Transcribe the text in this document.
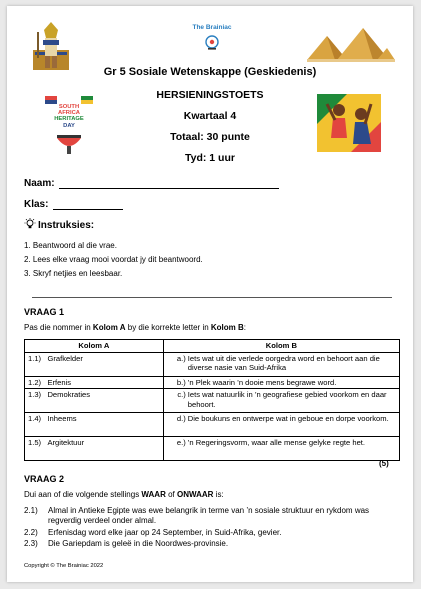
The Brainiac
Gr 5 Sosiale Wetenskappe (Geskiedenis)
HERSIENINGSTOETS
Kwartaal 4
Totaal: 30 punte
Tyd: 1 uur
SOUTH
AFRICA
HERITAGE
DAY
Naam:
Klas:
Instruksies:
1. Beantwoord al die vrae.
2. Lees elke vraag mooi voordat jy dit beantwoord.
3. Skryf netjies en leesbaar.
VRAAG 1
Pas die nommer in Kolom A by die korrekte letter in Kolom B:
Kolom A	Kolom B
1.1) Grafkelder	a.) Iets wat uit die verlede oorgedra word en behoort aan die diverse nasie van Suid-Afrika

1.2) Erfenis	b.) ’n Plek waarin ’n dooie mens begrawe word.

1.3) Demokraties	c.) Iets wat natuurlik in ’n geografiese gebied voorkom en daar behoort.

1.4) Inheems	d.) Die boukuns en ontwerpe wat in geboue en dorpe voorkom.

1.5) Argitektuur	e.) ’n Regeringsvorm, waar alle mense gelyke regte het.
(5)
VRAAG 2
Dui aan of die volgende stellings WAAR of ONWAAR is:
2.1)	Almal in Antieke Egipte was ewe belangrik in terme van ’n sosiale struktuur en rykdom was regverdig verdeel onder almal.
2.2)	Erfenisdag word elke jaar op 24 September, in Suid-Afrika, gevier.
2.3)	Die Gariepdam is geleë in die Noordwes-provinsie.
Copyright © The Brainiac 2022
